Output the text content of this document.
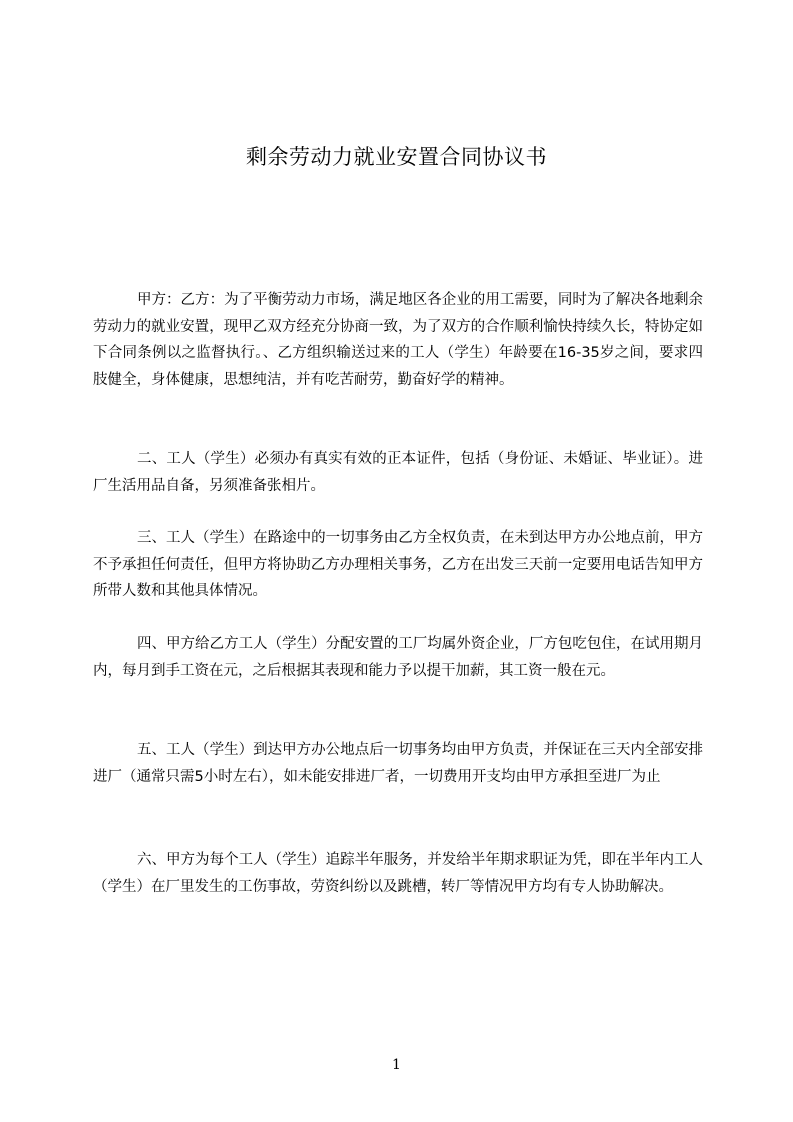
剩余劳动力就业安置合同协议书

甲方：乙方：为了平衡劳动力市场，满足地区各企业的用工需要，同时为了解决各地剩余劳动力的就业安置，现甲乙双方经充分协商一致，为了双方的合作顺利愉快持续久长，特协定如下合同条例以之监督执行。、乙方组织输送过来的工人（学生）年龄要在16-35岁之间，要求四肢健全，身体健康，思想纯洁，并有吃苦耐劳，勤奋好学的精神。

二、工人（学生）必须办有真实有效的正本证件，包括（身份证、未婚证、毕业证）。进厂生活用品自备，另须准备张相片。

三、工人（学生）在路途中的一切事务由乙方全权负责，在未到达甲方办公地点前，甲方不予承担任何责任，但甲方将协助乙方办理相关事务，乙方在出发三天前一定要用电话告知甲方所带人数和其他具体情况。

四、甲方给乙方工人（学生）分配安置的工厂均属外资企业，厂方包吃包住，在试用期月内，每月到手工资在元，之后根据其表现和能力予以提干加薪，其工资一般在元。

五、工人（学生）到达甲方办公地点后一切事务均由甲方负责，并保证在三天内全部安排进厂（通常只需5小时左右），如未能安排进厂者，一切费用开支均由甲方承担至进厂为止

六、甲方为每个工人（学生）追踪半年服务，并发给半年期求职证为凭，即在半年内工人（学生）在厂里发生的工伤事故，劳资纠纷以及跳槽，转厂等情况甲方均有专人协助解决。

1
